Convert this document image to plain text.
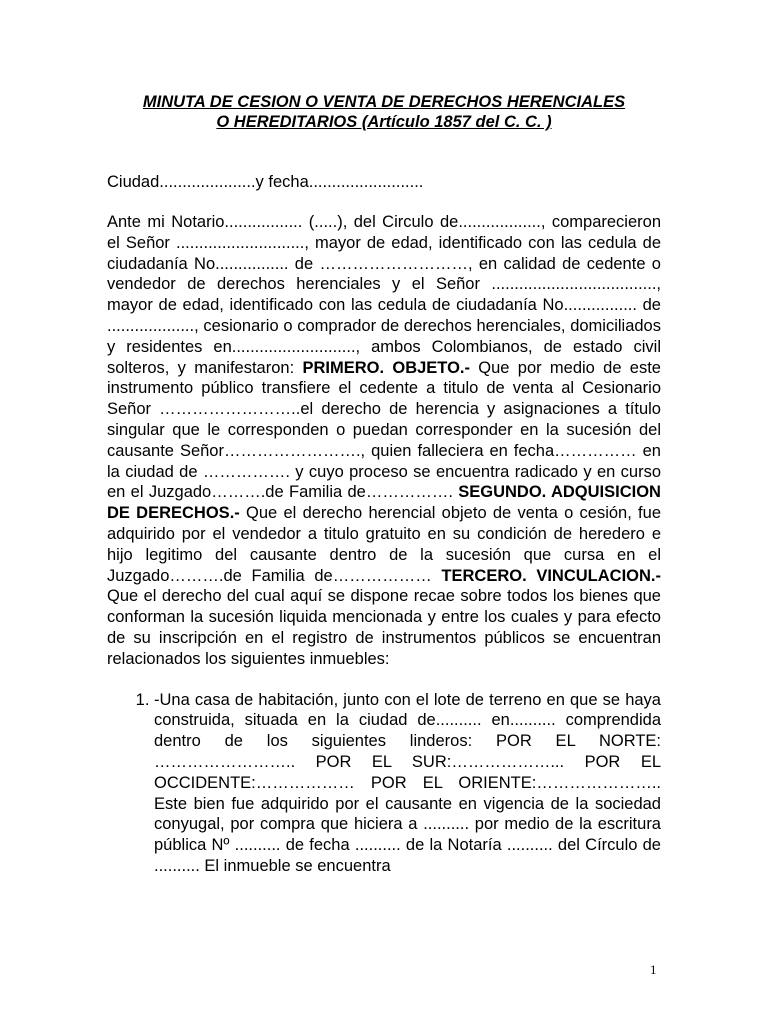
MINUTA DE CESION O VENTA DE DERECHOS HERENCIALES
O HEREDITARIOS (Artículo 1857 del C. C. )

Ciudad.....................y fecha.........................

Ante mi Notario................. (.....), del Circulo de.................., comparecieron el Señor ............................, mayor de edad, identificado con las cedula de ciudadanía No................ de ………………………, en calidad de cedente o vendedor de derechos herenciales y el Señor ...................................., mayor de edad, identificado con las cedula de ciudadanía No................ de ..................., cesionario o comprador de derechos herenciales, domiciliados y residentes en..........................., ambos Colombianos, de estado civil solteros, y manifestaron: PRIMERO. OBJETO.- Que por medio de este instrumento público transfiere el cedente a titulo de venta al Cesionario Señor ……………………..el derecho de herencia y asignaciones a título singular que le corresponden o puedan corresponder en la sucesión del causante Señor……………………., quien falleciera en fecha…………… en la ciudad de ……………. y cuyo proceso se encuentra radicado y en curso en el Juzgado……….de Familia de……………. SEGUNDO. ADQUISICION DE DERECHOS.- Que el derecho herencial objeto de venta o cesión, fue adquirido por el vendedor a titulo gratuito en su condición de heredero e hijo legitimo del causante dentro de la sucesión que cursa en el Juzgado……….de Familia de……………… TERCERO. VINCULACION.- Que el derecho del cual aquí se dispone recae sobre todos los bienes que conforman la sucesión liquida mencionada y entre los cuales y para efecto de su inscripción en el registro de instrumentos públicos se encuentran relacionados los siguientes inmuebles:

1. -Una casa de habitación, junto con el lote de terreno en que se haya construida, situada en la ciudad de.......... en.......... comprendida dentro de los siguientes linderos: POR EL NORTE: …………………….. POR EL SUR:………………... POR EL OCCIDENTE:……………… POR EL ORIENTE:………………….. Este bien fue adquirido por el causante en vigencia de la sociedad conyugal, por compra que hiciera a .......... por medio de la escritura pública Nº .......... de fecha .......... de la Notaría .......... del Círculo de .......... El inmueble se encuentra
1
